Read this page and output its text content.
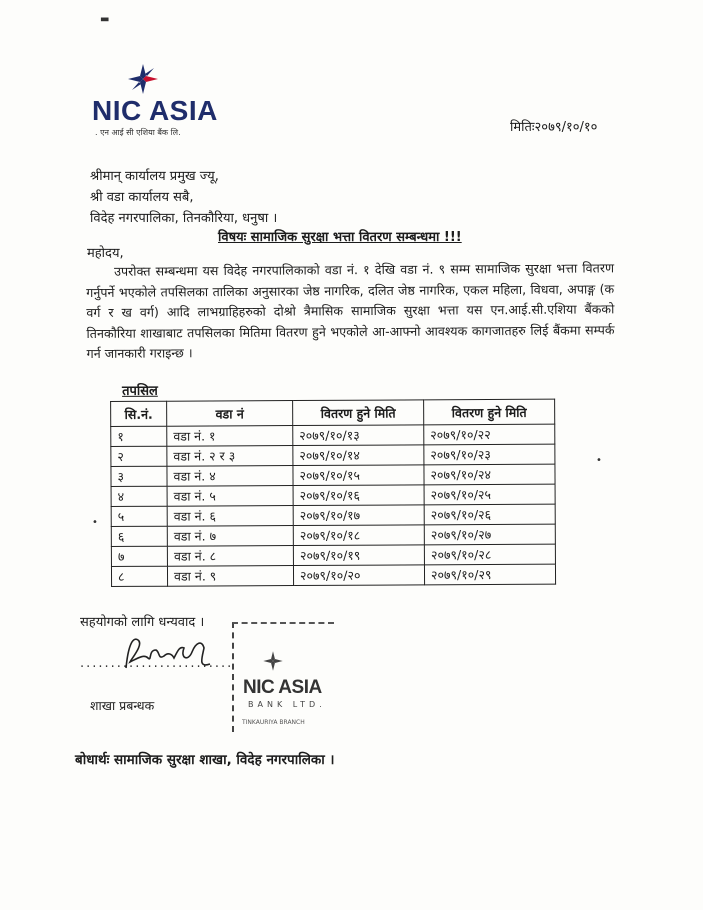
NIC ASIA
. एन आई सी एशिया बैंक लि.	मितिः२०७९/१०/१०
श्रीमान् कार्यालय प्रमुख ज्यू,
श्री वडा कार्यालय सबै,
विदेह नगरपालिका, तिनकौरिया, धनुषा ।
विषयः सामाजिक सुरक्षा भत्ता वितरण सम्बन्धमा !!!
महोदय,
उपरोक्त सम्बन्धमा यस विदेह नगरपालिकाको वडा नं. १ देखि वडा नं. ९ सम्म सामाजिक सुरक्षा भत्ता वितरण गर्नुपर्ने भएकोले तपसिलका तालिका अनुसारका जेष्ठ नागरिक, दलित जेष्ठ नागरिक, एकल महिला, विधवा, अपाङ्ग (क वर्ग र ख वर्ग) आदि लाभग्राहिहरुको दोश्रो त्रैमासिक सामाजिक सुरक्षा भत्ता यस एन.आई.सी.एशिया बैंकको तिनकौरिया शाखाबाट तपसिलका मितिमा वितरण हुने भएकोले आ-आफ्नो आवश्यक कागजातहरु लिई बैंकमा सम्पर्क गर्न जानकारी गराइन्छ ।
तपसिल
सि.नं.	वडा नं	वितरण हुने मिति	वितरण हुने मिति
१	वडा नं. १	२०७९/१०/१३	२०७९/१०/२२
२	वडा नं. २ र ३	२०७९/१०/१४	२०७९/१०/२३
३	वडा नं. ४	२०७९/१०/१५	२०७९/१०/२४
४	वडा नं. ५	२०७९/१०/१६	२०७९/१०/२५
५	वडा नं. ६	२०७९/१०/१७	२०७९/१०/२६
६	वडा नं. ७	२०७९/१०/१८	२०७९/१०/२७
७	वडा नं. ८	२०७९/१०/१९	२०७९/१०/२८
८	वडा नं. ९	२०७९/१०/२०	२०७९/१०/२९
सहयोगको लागि धन्यवाद ।
.........................
शाखा प्रबन्धक
NIC ASIA
BANK LTD.
TINKAURIYA BRANCH
बोधार्थः सामाजिक सुरक्षा शाखा, विदेह नगरपालिका ।
▬
•
•
